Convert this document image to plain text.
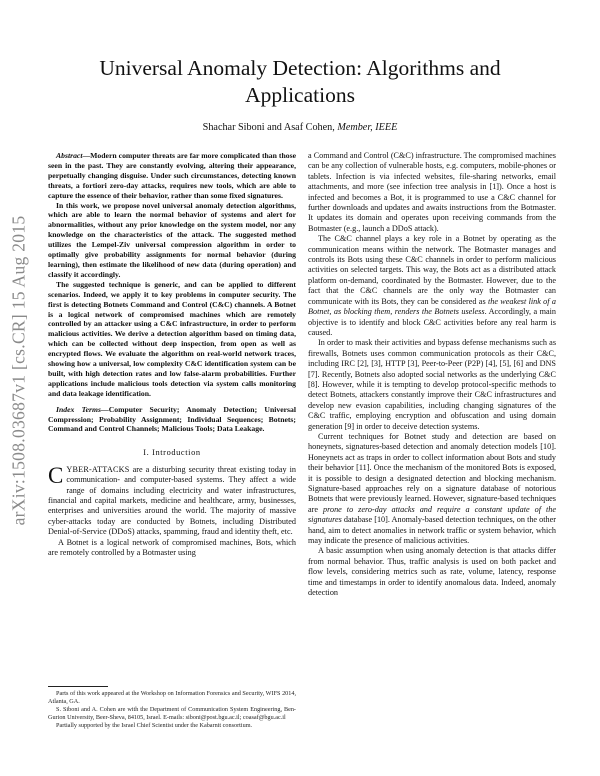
arXiv:1508.03687v1 [cs.CR] 15 Aug 2015
Universal Anomaly Detection: Algorithms and Applications
Shachar Siboni and Asaf Cohen, Member, IEEE

Abstract—Modern computer threats are far more complicated than those seen in the past. They are constantly evolving, altering their appearance, perpetually changing disguise. Under such circumstances, detecting known threats, a fortiori zero-day attacks, requires new tools, which are able to capture the essence of their behavior, rather than some fixed signatures.

In this work, we propose novel universal anomaly detection algorithms, which are able to learn the normal behavior of systems and alert for abnormalities, without any prior knowledge on the system model, nor any knowledge on the characteristics of the attack. The suggested method utilizes the Lempel-Ziv universal compression algorithm in order to optimally give probability assignments for normal behavior (during learning), then estimate the likelihood of new data (during operation) and classify it accordingly.

The suggested technique is generic, and can be applied to different scenarios. Indeed, we apply it to key problems in computer security. The first is detecting Botnets Command and Control (C&C) channels. A Botnet is a logical network of compromised machines which are remotely controlled by an attacker using a C&C infrastructure, in order to perform malicious activities. We derive a detection algorithm based on timing data, which can be collected without deep inspection, from open as well as encrypted flows. We evaluate the algorithm on real-world network traces, showing how a universal, low complexity C&C identification system can be built, with high detection rates and low false-alarm probabilities. Further applications include malicious tools detection via system calls monitoring and data leakage identification.

Index Terms—Computer Security; Anomaly Detection; Universal Compression; Probability Assignment; Individual Sequences; Botnets; Command and Control Channels; Malicious Tools; Data Leakage.

I. Introduction

CYBER-ATTACKS are a disturbing security threat existing today in communication- and computer-based systems. They affect a wide range of domains including electricity and water infrastructures, financial and capital markets, medicine and healthcare, army, businesses, enterprises and universities around the world. The majority of massive cyber-attacks today are conducted by Botnets, including Distributed Denial-of-Service (DDoS) attacks, spamming, fraud and identity theft, etc.

A Botnet is a logical network of compromised machines, Bots, which are remotely controlled by a Botmaster using

Parts of this work appeared at the Workshop on Information Forensics and Security, WIFS 2014, Atlanta, GA.

S. Siboni and A. Cohen are with the Department of Communication System Engineering, Ben-Gurion University, Beer-Sheva, 84105, Israel. E-mails: siboni@post.bgu.ac.il; coasaf@bgu.ac.il

Partially supported by the Israel Chief Scientist under the Kabarnit consortium.

a Command and Control (C&C) infrastructure. The compromised machines can be any collection of vulnerable hosts, e.g. computers, mobile-phones or tablets. Infection is via infected websites, file-sharing networks, email attachments, and more (see infection tree analysis in [1]). Once a host is infected and becomes a Bot, it is programmed to use a C&C channel for further downloads and updates and awaits instructions from the Botmaster. It updates its domain and operates upon receiving commands from the Botmaster (e.g., launch a DDoS attack).

The C&C channel plays a key role in a Botnet by operating as the communication means within the network. The Botmaster manages and controls its Bots using these C&C channels in order to perform malicious activities on selected targets. This way, the Bots act as a distributed attack platform on-demand, coordinated by the Botmaster. However, due to the fact that the C&C channels are the only way the Botmaster can communicate with its Bots, they can be considered as the weakest link of a Botnet, as blocking them, renders the Botnets useless. Accordingly, a main objective is to identify and block C&C activities before any real harm is caused.

In order to mask their activities and bypass defense mechanisms such as firewalls, Botnets uses common communication protocols as their C&C, including IRC [2], [3], HTTP [3], Peer-to-Peer (P2P) [4], [5], [6] and DNS [7]. Recently, Botnets also adopted social networks as the underlying C&C [8]. However, while it is tempting to develop protocol-specific methods to detect Botnets, attackers constantly improve their C&C infrastructures and develop new evasion capabilities, including changing signatures of the C&C traffic, employing encryption and obfuscation and using domain generation [9] in order to deceive detection systems.

Current techniques for Botnet study and detection are based on honeynets, signatures-based detection and anomaly detection models [10]. Honeynets act as traps in order to collect information about Bots and study their behavior [11]. Once the mechanism of the monitored Bots is exposed, it is possible to design a designated detection and blocking mechanism. Signature-based approaches rely on a signature database of notorious Botnets that were previously learned. However, signature-based techniques are prone to zero-day attacks and require a constant update of the signatures database [10]. Anomaly-based detection techniques, on the other hand, aim to detect anomalies in network traffic or system behavior, which may indicate the presence of malicious activities.

A basic assumption when using anomaly detection is that attacks differ from normal behavior. Thus, traffic analysis is used on both packet and flow levels, considering metrics such as rate, volume, latency, response time and timestamps in order to identify anomalous data. Indeed, anomaly detection
